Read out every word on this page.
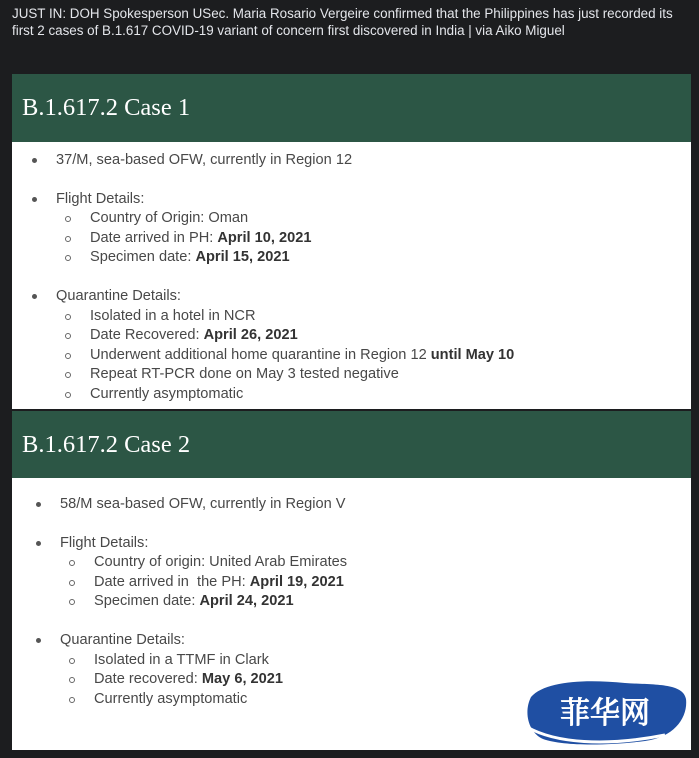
JUST IN: DOH Spokesperson USec. Maria Rosario Vergeire confirmed that the Philippines has just recorded its first 2 cases of B.1.617 COVID-19 variant of concern first discovered in India | via Aiko Miguel
B.1.617.2 Case 1
37/M, sea-based OFW, currently in Region 12
Flight Details:
Country of Origin: Oman
Date arrived in PH: April 10, 2021
Specimen date: April 15, 2021
Quarantine Details:
Isolated in a hotel in NCR
Date Recovered: April 26, 2021
Underwent additional home quarantine in Region 12 until May 10
Repeat RT-PCR done on May 3 tested negative
Currently asymptomatic
B.1.617.2 Case 2
58/M sea-based OFW, currently in Region V
Flight Details:
Country of origin: United Arab Emirates
Date arrived in  the PH: April 19, 2021
Specimen date: April 24, 2021
Quarantine Details:
Isolated in a TTMF in Clark
Date recovered: May 6, 2021
Currently asymptomatic	菲华网
